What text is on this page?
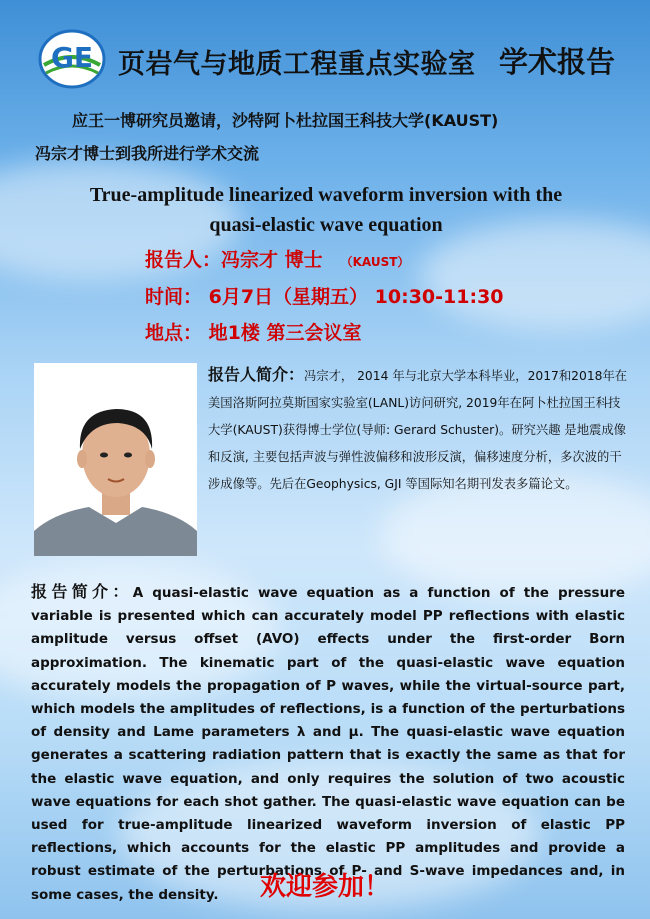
GE 页岩气与地质工程重点实验室 学术报告
应王一博研究员邀请，沙特阿卜杜拉国王科技大学(KAUST)
冯宗才博士到我所进行学术交流
True-amplitude linearized waveform inversion with the
quasi-elastic wave equation
报告人：冯宗才 博士 （KAUST）
时间： 6月7日（星期五） 10:30-11:30
地点： 地1楼 第三会议室
报告人简介：冯宗才， 2014 年与北京大学本科毕业，2017和2018年在美国洛斯阿拉莫斯国家实验室(LANL)访问研究, 2019年在阿卜杜拉国王科技大学(KAUST)获得博士学位(导师: Gerard Schuster)。研究兴趣 是地震成像和反演, 主要包括声波与弹性波偏移和波形反演，偏移速度分析，多次波的干涉成像等。先后在Geophysics, GJI 等国际知名期刊发表多篇论文。
报告简介：A quasi-elastic wave equation as a function of the pressure variable is presented which can accurately model PP reflections with elastic amplitude versus offset (AVO) effects under the first-order Born approximation. The kinematic part of the quasi-elastic wave equation accurately models the propagation of P waves, while the virtual-source part, which models the amplitudes of reflections, is a function of the perturbations of density and Lame parameters λ and μ. The quasi-elastic wave equation generates a scattering radiation pattern that is exactly the same as that for the elastic wave equation, and only requires the solution of two acoustic wave equations for each shot gather. The quasi-elastic wave equation can be used for true-amplitude linearized waveform inversion of elastic PP reflections, which accounts for the elastic PP amplitudes and provide a robust estimate of the perturbations of P- and S-wave impedances and, in some cases, the density.	欢迎参加！
